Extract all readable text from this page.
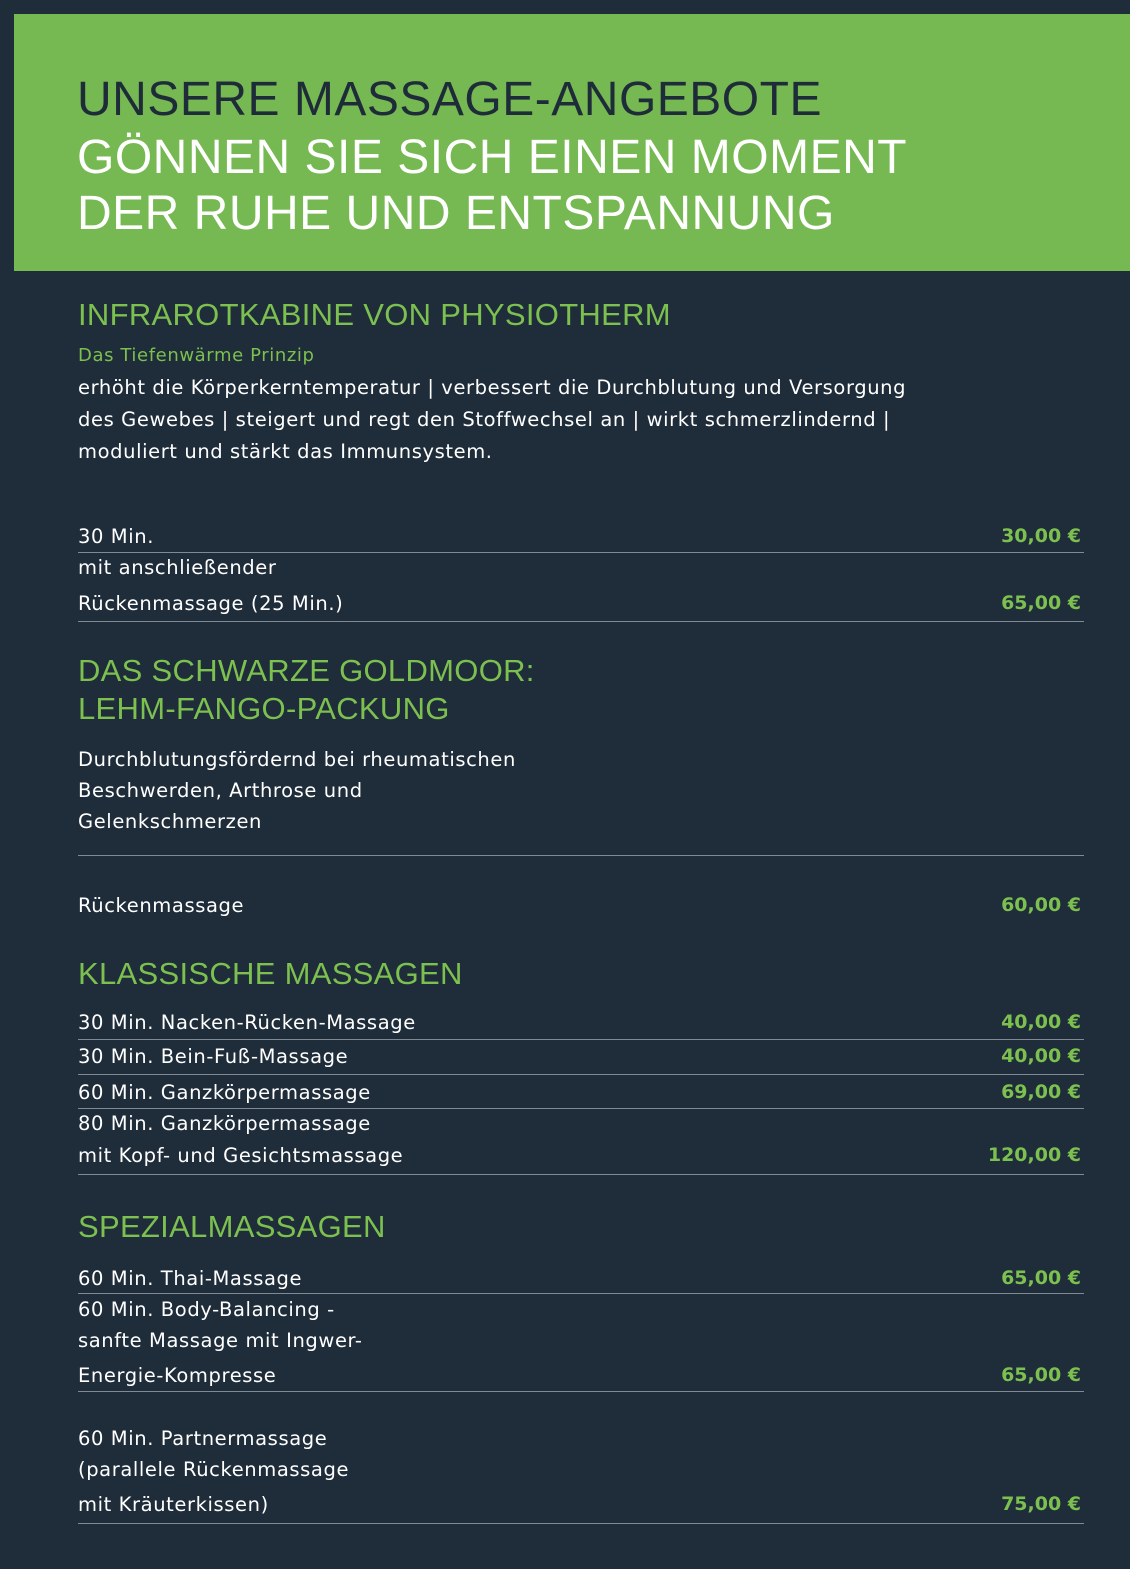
UNSERE MASSAGE-ANGEBOTE
GÖNNEN SIE SICH EINEN MOMENT
DER RUHE UND ENTSPANNUNG
INFRAROTKABINE VON PHYSIOTHERM
Das Tiefenwärme Prinzip
erhöht die Körperkerntemperatur | verbessert die Durchblutung und Versorgung
des Gewebes | steigert und regt den Stoffwechsel an | wirkt schmerzlindernd |
moduliert und stärkt das Immunsystem.
30 Min.	30,00 €
mit anschließender
Rückenmassage (25 Min.)	65,00 €
DAS SCHWARZE GOLDMOOR:
LEHM-FANGO-PACKUNG
Durchblutungsfördernd bei rheumatischen
Beschwerden, Arthrose und
Gelenkschmerzen
Rückenmassage	60,00 €
KLASSISCHE MASSAGEN
30 Min. Nacken-Rücken-Massage	40,00 €
30 Min. Bein-Fuß-Massage	40,00 €
60 Min. Ganzkörpermassage	69,00 €
80 Min. Ganzkörpermassage
mit Kopf- und Gesichtsmassage	120,00 €
SPEZIALMASSAGEN
60 Min. Thai-Massage	65,00 €
60 Min. Body-Balancing -
sanfte Massage mit Ingwer-
Energie-Kompresse	65,00 €
60 Min. Partnermassage
(parallele Rückenmassage
mit Kräuterkissen)	75,00 €
